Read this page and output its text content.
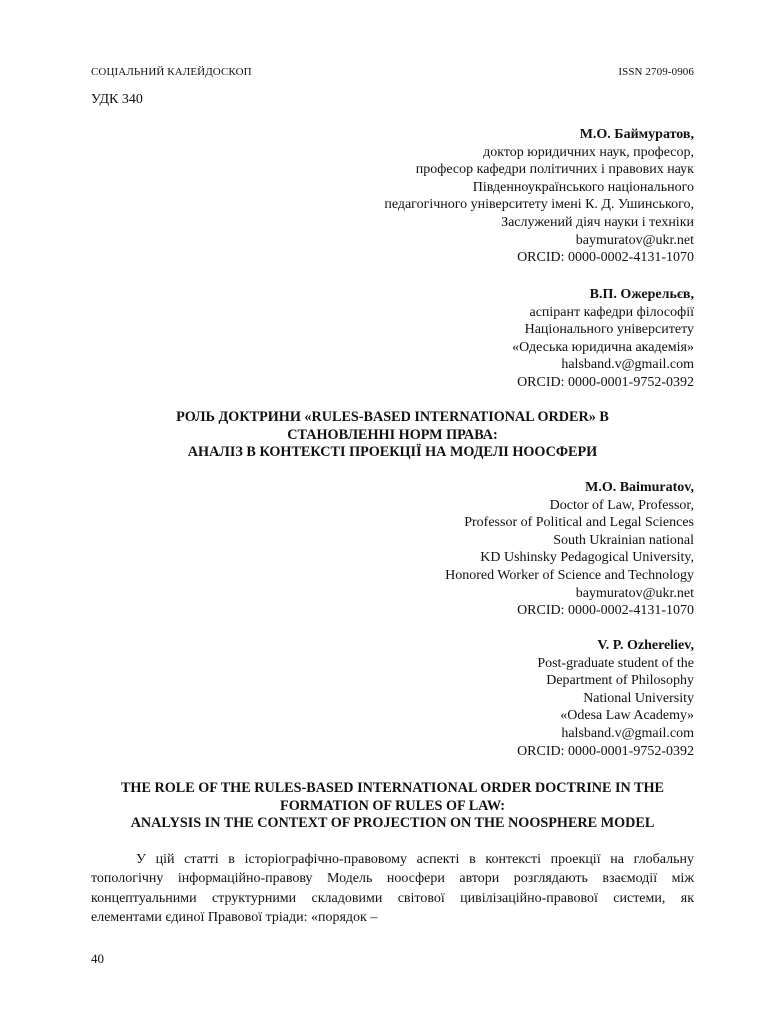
СОЦІАЛЬНИЙ КАЛЕЙДОСКОП	ISSN 2709-0906
УДК 340
М.О. Баймуратов,
доктор юридичних наук, професор,
професор кафедри політичних і правових наук
Південноукраїнського національного
педагогічного університету імені К. Д. Ушинського,
Заслужений діяч науки і техніки
baymuratov@ukr.net
ORCID: 0000-0002-4131-1070
В.П. Ожерельєв,
аспірант кафедри філософії
Національного університету
«Одеська юридична академія»
halsband.v@gmail.com
ORCID: 0000-0001-9752-0392
РОЛЬ ДОКТРИНИ «RULES-BASED INTERNATIONAL ORDER» В
СТАНОВЛЕННІ НОРМ ПРАВА:
АНАЛІЗ В КОНТЕКСТІ ПРОЕКЦІЇ НА МОДЕЛІ НООСФЕРИ
M.O. Baimuratov,
Doctor of Law, Professor,
Professor of Political and Legal Sciences
South Ukrainian national
KD Ushinsky Pedagogical University,
Honored Worker of Science and Technology
baymuratov@ukr.net
ORCID: 0000-0002-4131-1070
V. P. Ozhereliev,
Post-graduate student of the
Department of Philosophy
National University
«Odesa Law Academy»
halsband.v@gmail.com
ORCID: 0000-0001-9752-0392
THE ROLE OF THE RULES-BASED INTERNATIONAL ORDER DOCTRINE IN THE
FORMATION OF RULES OF LAW:
ANALYSIS IN THE CONTEXT OF PROJECTION ON THE NOOSPHERE MODEL

У цій статті в історіографічно-правовому аспекті в контексті проекції на глобальну топологічну інформаційно-правову Модель ноосфери автори розглядають взаємодії між концептуальними структурними складовими світової цивілізаційно-правової системи, як елементами єдиної Правової тріади: «порядок –

40
